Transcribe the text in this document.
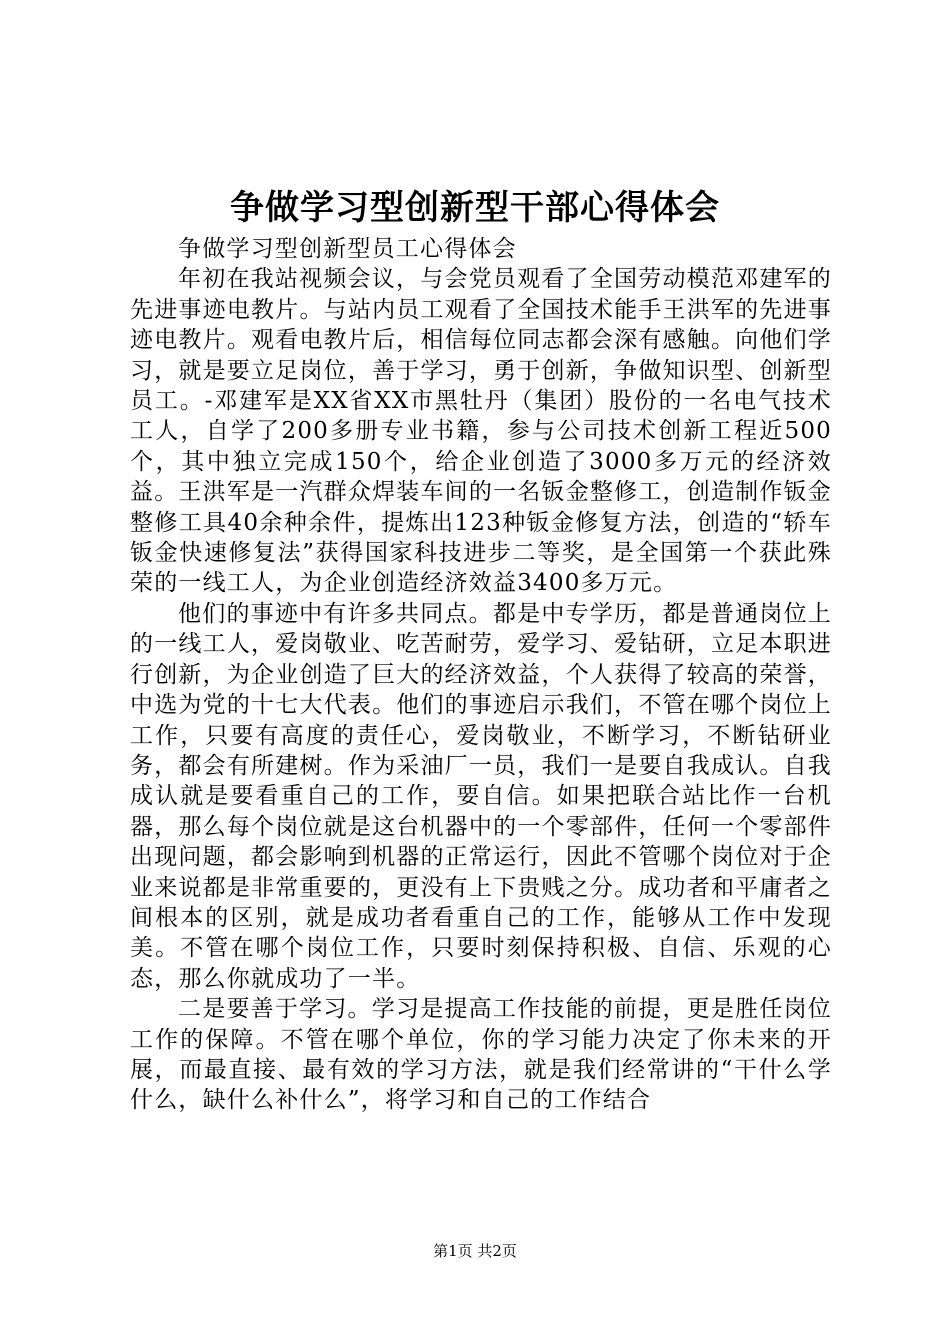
争做学习型创新型干部心得体会

争做学习型创新型员工心得体会

年初在我站视频会议，与会党员观看了全国劳动模范邓建军的先进事迹电教片。与站内员工观看了全国技术能手王洪军的先进事迹电教片。观看电教片后，相信每位同志都会深有感触。向他们学习，就是要立足岗位，善于学习，勇于创新，争做知识型、创新型员工。-邓建军是XX省XX市黑牡丹（集团）股份的一名电气技术工人，自学了200多册专业书籍，参与公司技术创新工程近500个，其中独立完成150个，给企业创造了3000多万元的经济效益。王洪军是一汽群众焊装车间的一名钣金整修工，创造制作钣金整修工具40余种余件，提炼出123种钣金修复方法，创造的“轿车钣金快速修复法”获得国家科技进步二等奖，是全国第一个获此殊荣的一线工人，为企业创造经济效益3400多万元。

他们的事迹中有许多共同点。都是中专学历，都是普通岗位上的一线工人，爱岗敬业、吃苦耐劳，爱学习、爱钻研，立足本职进行创新，为企业创造了巨大的经济效益，个人获得了较高的荣誉，中选为党的十七大代表。他们的事迹启示我们，不管在哪个岗位上工作，只要有高度的责任心，爱岗敬业，不断学习，不断钻研业务，都会有所建树。作为采油厂一员，我们一是要自我成认。自我成认就是要看重自己的工作，要自信。如果把联合站比作一台机器，那么每个岗位就是这台机器中的一个零部件，任何一个零部件出现问题，都会影响到机器的正常运行，因此不管哪个岗位对于企业来说都是非常重要的，更没有上下贵贱之分。成功者和平庸者之间根本的区别，就是成功者看重自己的工作，能够从工作中发现美。不管在哪个岗位工作，只要时刻保持积极、自信、乐观的心态，那么你就成功了一半。

二是要善于学习。学习是提高工作技能的前提，更是胜任岗位工作的保障。不管在哪个单位，你的学习能力决定了你未来的开展，而最直接、最有效的学习方法，就是我们经常讲的“干什么学什么，缺什么补什么”，将学习和自己的工作结合

第1页 共2页
